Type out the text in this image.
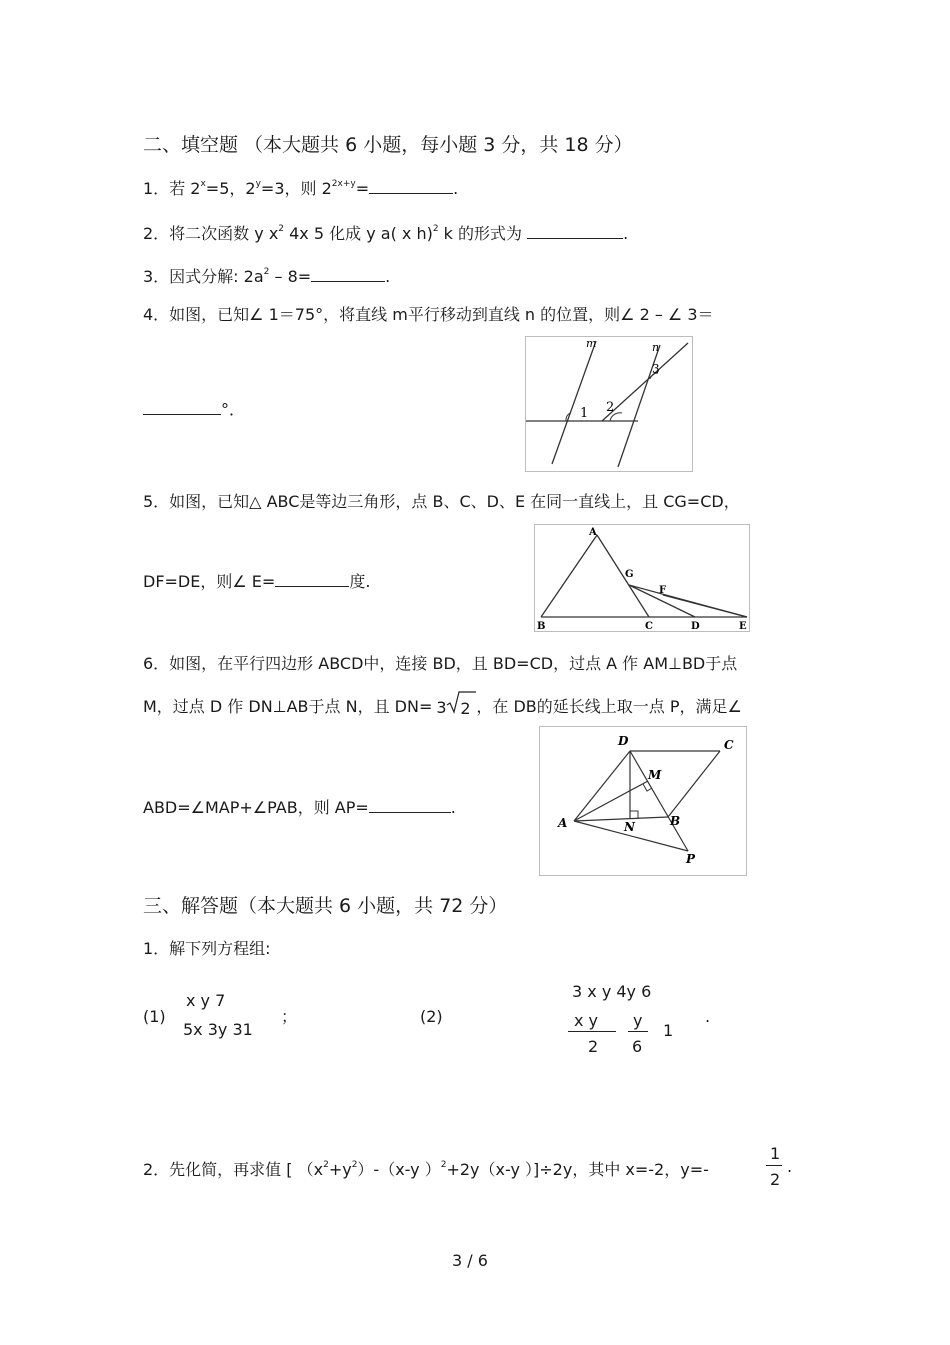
二、填空题 （本大题共 6 小题，每小题 3 分，共 18 分）
1．若 $2^x=5$，$2^y=3$，则 $2^{2x+y}=$	.
2．将二次函数 y $x^2$ 4x 5 化成 y a( x h)$^2$ k 的形式为	.
3．因式分解: $2a^2 - 8=$	.
4．如图，已知∠ 1＝75°，将直线 m平行移动到直线 n 的位置，则∠ 2 – ∠ 3＝
°．
m	n
1 2
3
5．如图，已知△ ABC是等边三角形，点 B、C、D、E 在同一直线上，且 CG=CD，
DF=DE，则∠ E=	度.
A
B	C	D	E
G
F
6．如图，在平行四边形 ABCD中，连接 BD，且 BD=CD，过点 A 作 AM⊥BD于点
M，过点 D 作 DN⊥AB于点 N，且 DN= 3 2 ，在 DB的延长线上取一点 P，满足∠
ABD=∠MAP+∠PAB，则 AP=	.
D	C
A	B
M
N
P
三、解答题（本大题共 6 小题，共 72 分）
1．解下列方程组:
(1)
x y 7
5x 3y 31
；	(2)
3 x y 4y 6
x y
2
y
6
1
.
2．先化简，再求值 [ $(x^2+y^2)-(x-y$ ）$^2$+2y（x-y ）]÷2y，其中 x=-2，y=-
1
2
.
3 / 6
